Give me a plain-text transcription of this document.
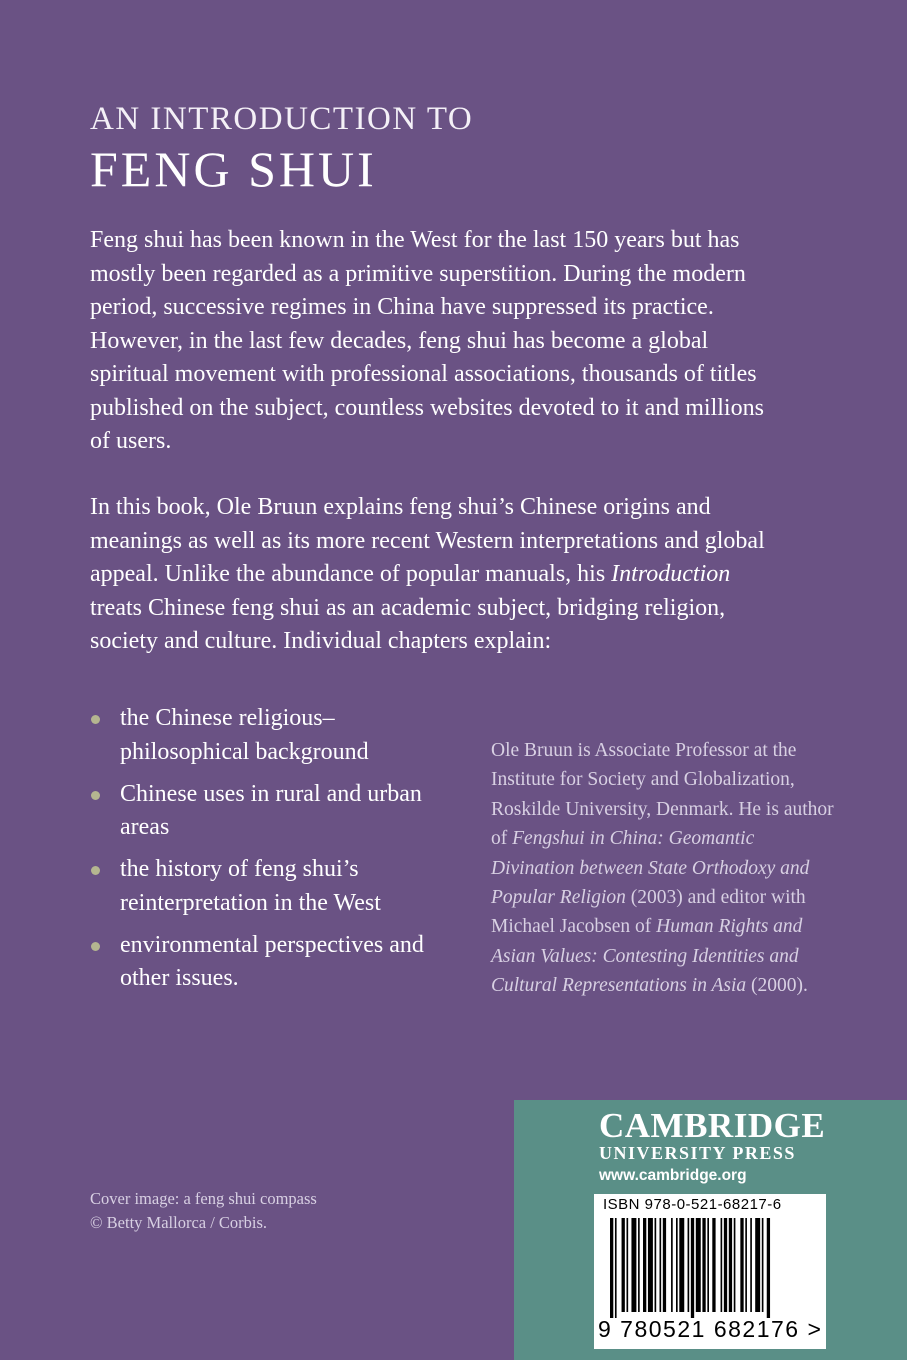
AN INTRODUCTION TO
FENG SHUI

Feng shui has been known in the West for the last 150 years but has mostly been regarded as a primitive superstition. During the modern period, successive regimes in China have suppressed its practice. However, in the last few decades, feng shui has become a global spiritual movement with professional associations, thousands of titles published on the subject, countless websites devoted to it and millions of users.

In this book, Ole Bruun explains feng shui’s Chinese origins and meanings as well as its more recent Western interpretations and global appeal. Unlike the abundance of popular manuals, his Introduction treats Chinese feng shui as an academic subject, bridging religion, society and culture. Individual chapters explain:

the Chinese religious–philosophical background
Chinese uses in rural and urban areas
the history of feng shui’s reinterpretation in the West
environmental perspectives and other issues.

Ole Bruun is Associate Professor at the Institute for Society and Globalization, Roskilde University, Denmark. He is author of Fengshui in China: Geomantic Divination between State Orthodoxy and Popular Religion (2003) and editor with Michael Jacobsen of Human Rights and Asian Values: Contesting Identities and Cultural Representations in Asia (2000).

Cover image: a feng shui compass
© Betty Mallorca / Corbis.
CAMBRIDGE
UNIVERSITY PRESS
www.cambridge.org
ISBN 978-0-521-68217-6
9 780521 682176 >
